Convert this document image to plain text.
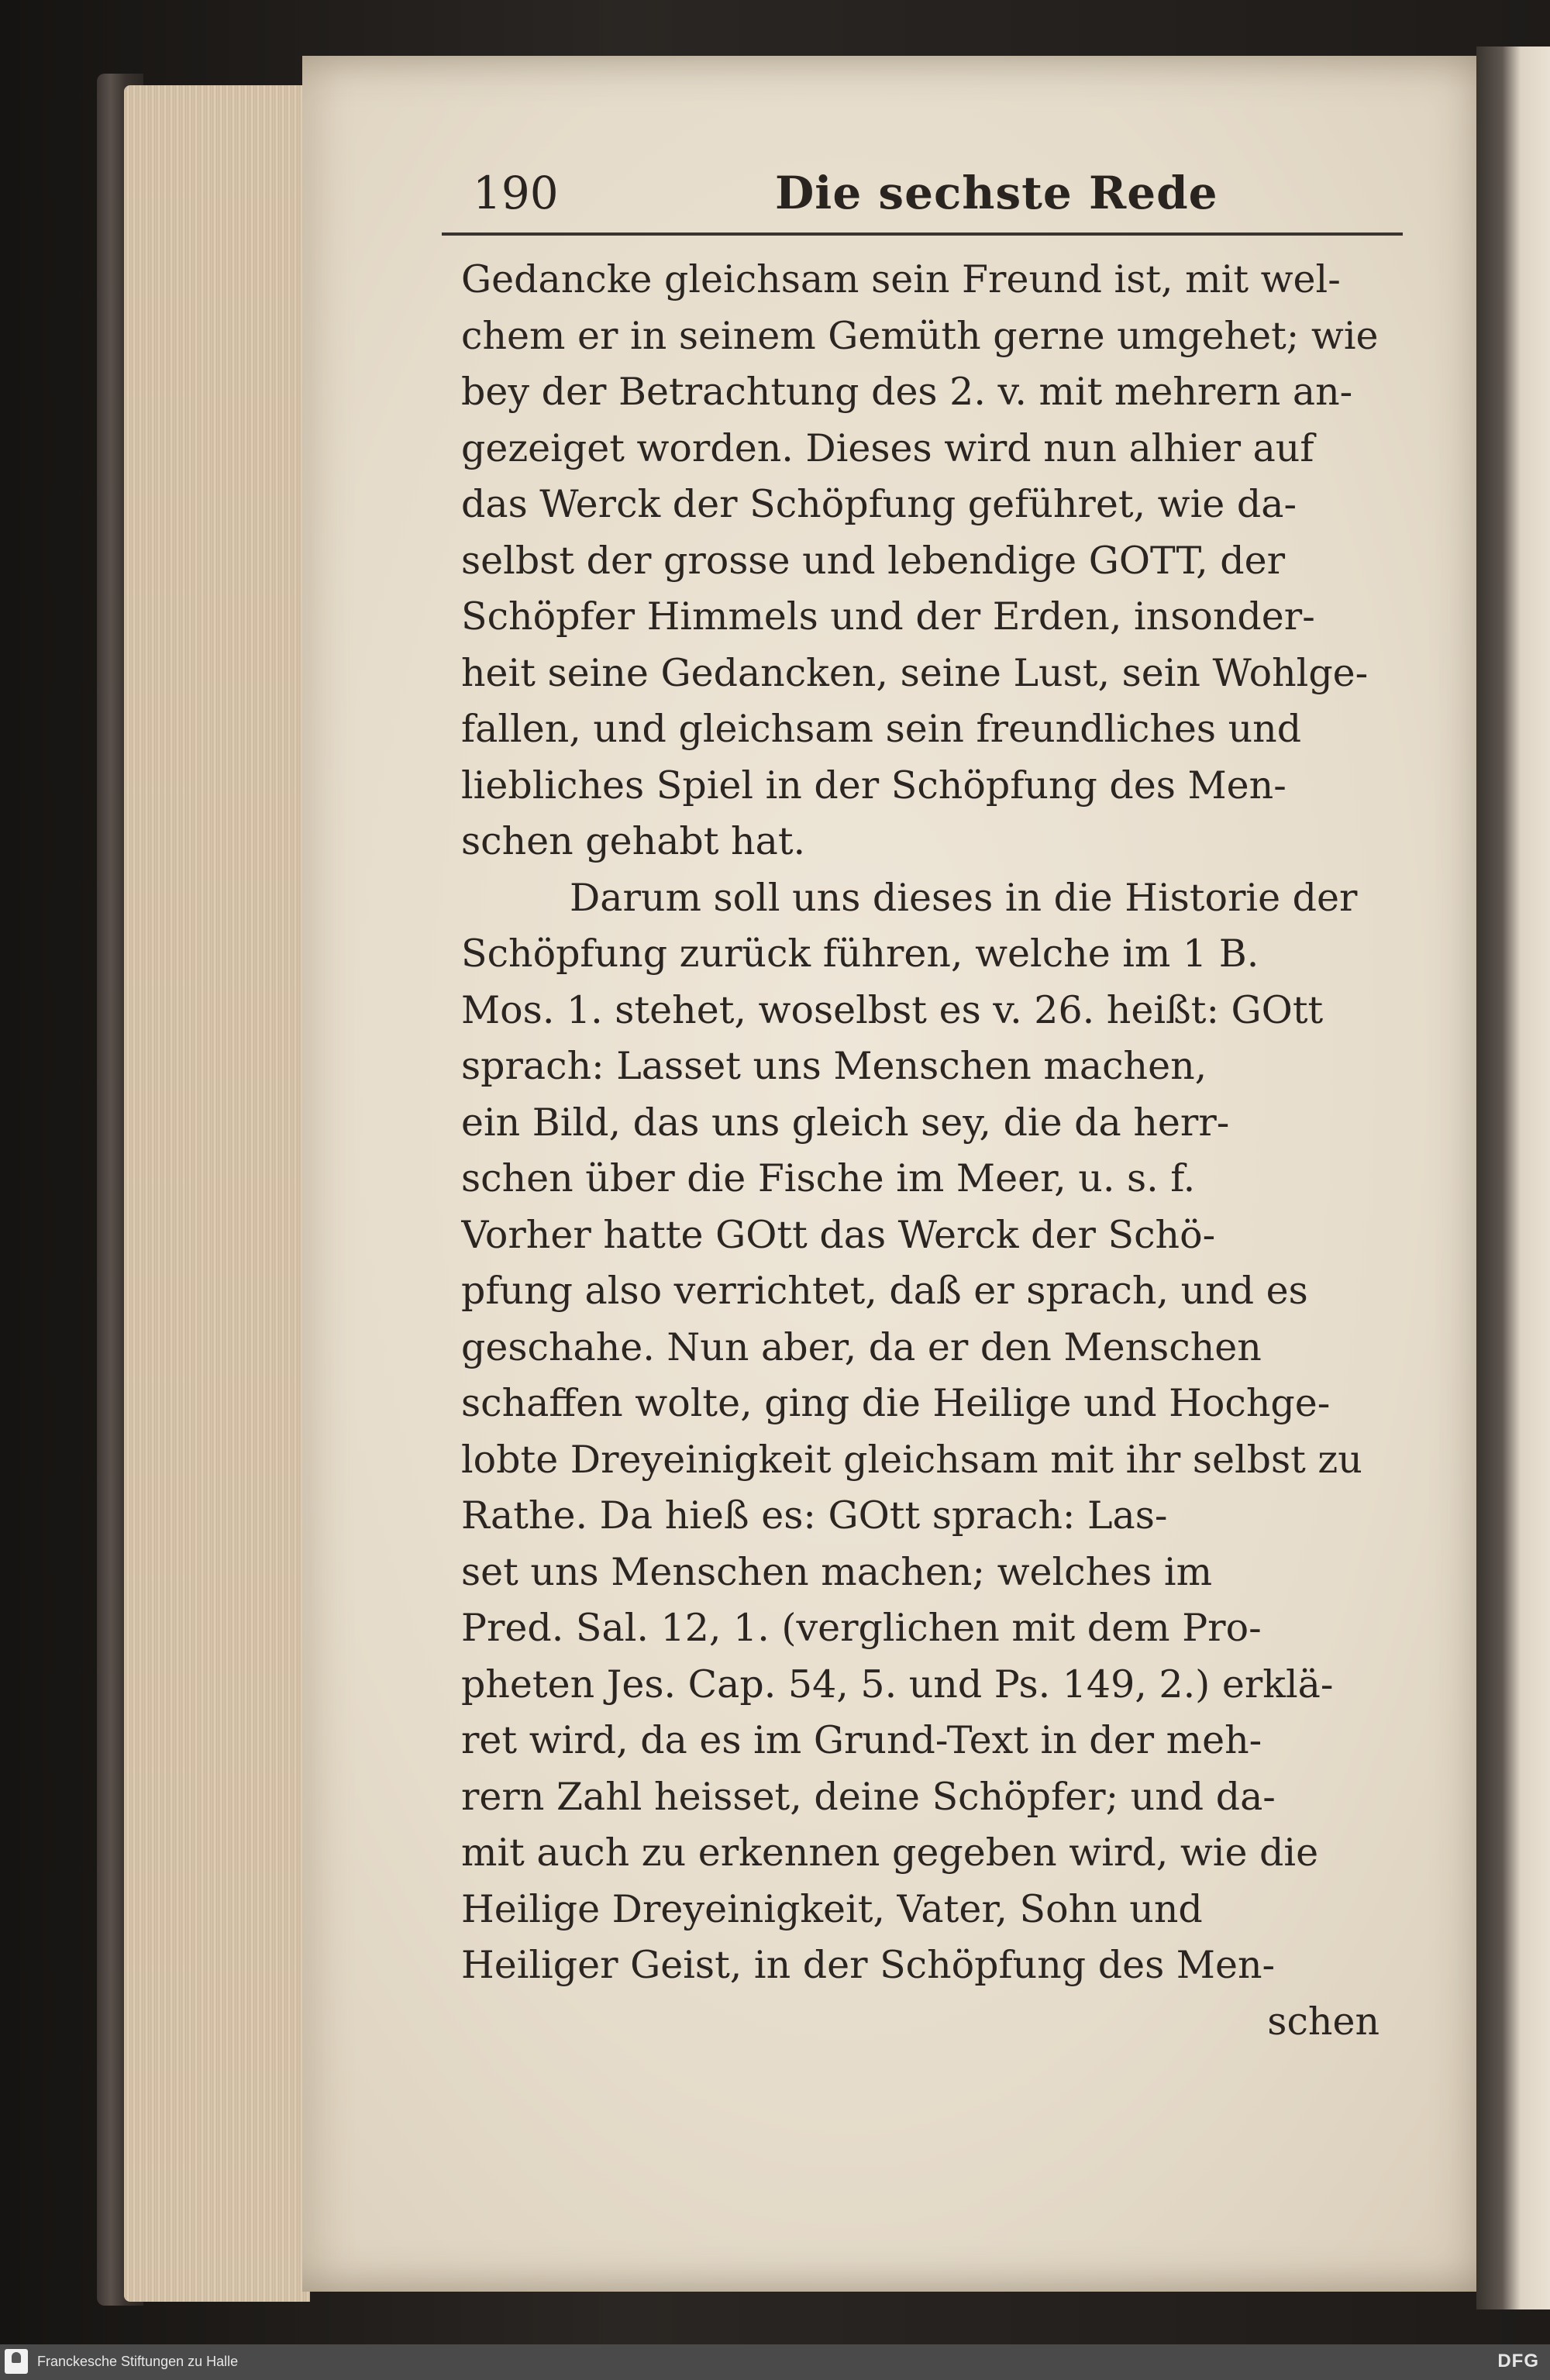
190	Die sechste Rede
Gedancke gleichsam sein Freund ist, mit wel-
chem er in seinem Gemüth gerne umgehet; wie
bey der Betrachtung des 2. v. mit mehrern an-
gezeiget worden. Dieses wird nun alhier auf
das Werck der Schöpfung geführet, wie da-
selbst der grosse und lebendige GOTT, der
Schöpfer Himmels und der Erden, insonder-
heit seine Gedancken, seine Lust, sein Wohlge-
fallen, und gleichsam sein freundliches und
liebliches Spiel in der Schöpfung des Men-
schen gehabt hat.
Darum soll uns dieses in die Historie der
Schöpfung zurück führen, welche im 1 B.
Mos. 1. stehet, woselbst es v. 26. heißt: GOtt
sprach: Lasset uns Menschen machen,
ein Bild, das uns gleich sey, die da herr-
schen über die Fische im Meer, u. s. f.
Vorher hatte GOtt das Werck der Schö-
pfung also verrichtet, daß er sprach, und es
geschahe. Nun aber, da er den Menschen
schaffen wolte, ging die Heilige und Hochge-
lobte Dreyeinigkeit gleichsam mit ihr selbst zu
Rathe. Da hieß es: GOtt sprach: Las-
set uns Menschen machen; welches im
Pred. Sal. 12, 1. (verglichen mit dem Pro-
pheten Jes. Cap. 54, 5. und Ps. 149, 2.) erklä-
ret wird, da es im Grund-Text in der meh-
rern Zahl heisset, deine Schöpfer; und da-
mit auch zu erkennen gegeben wird, wie die
Heilige Dreyeinigkeit, Vater, Sohn und
Heiliger Geist, in der Schöpfung des Men-
schen
Franckesche Stiftungen zu Halle	DFG
